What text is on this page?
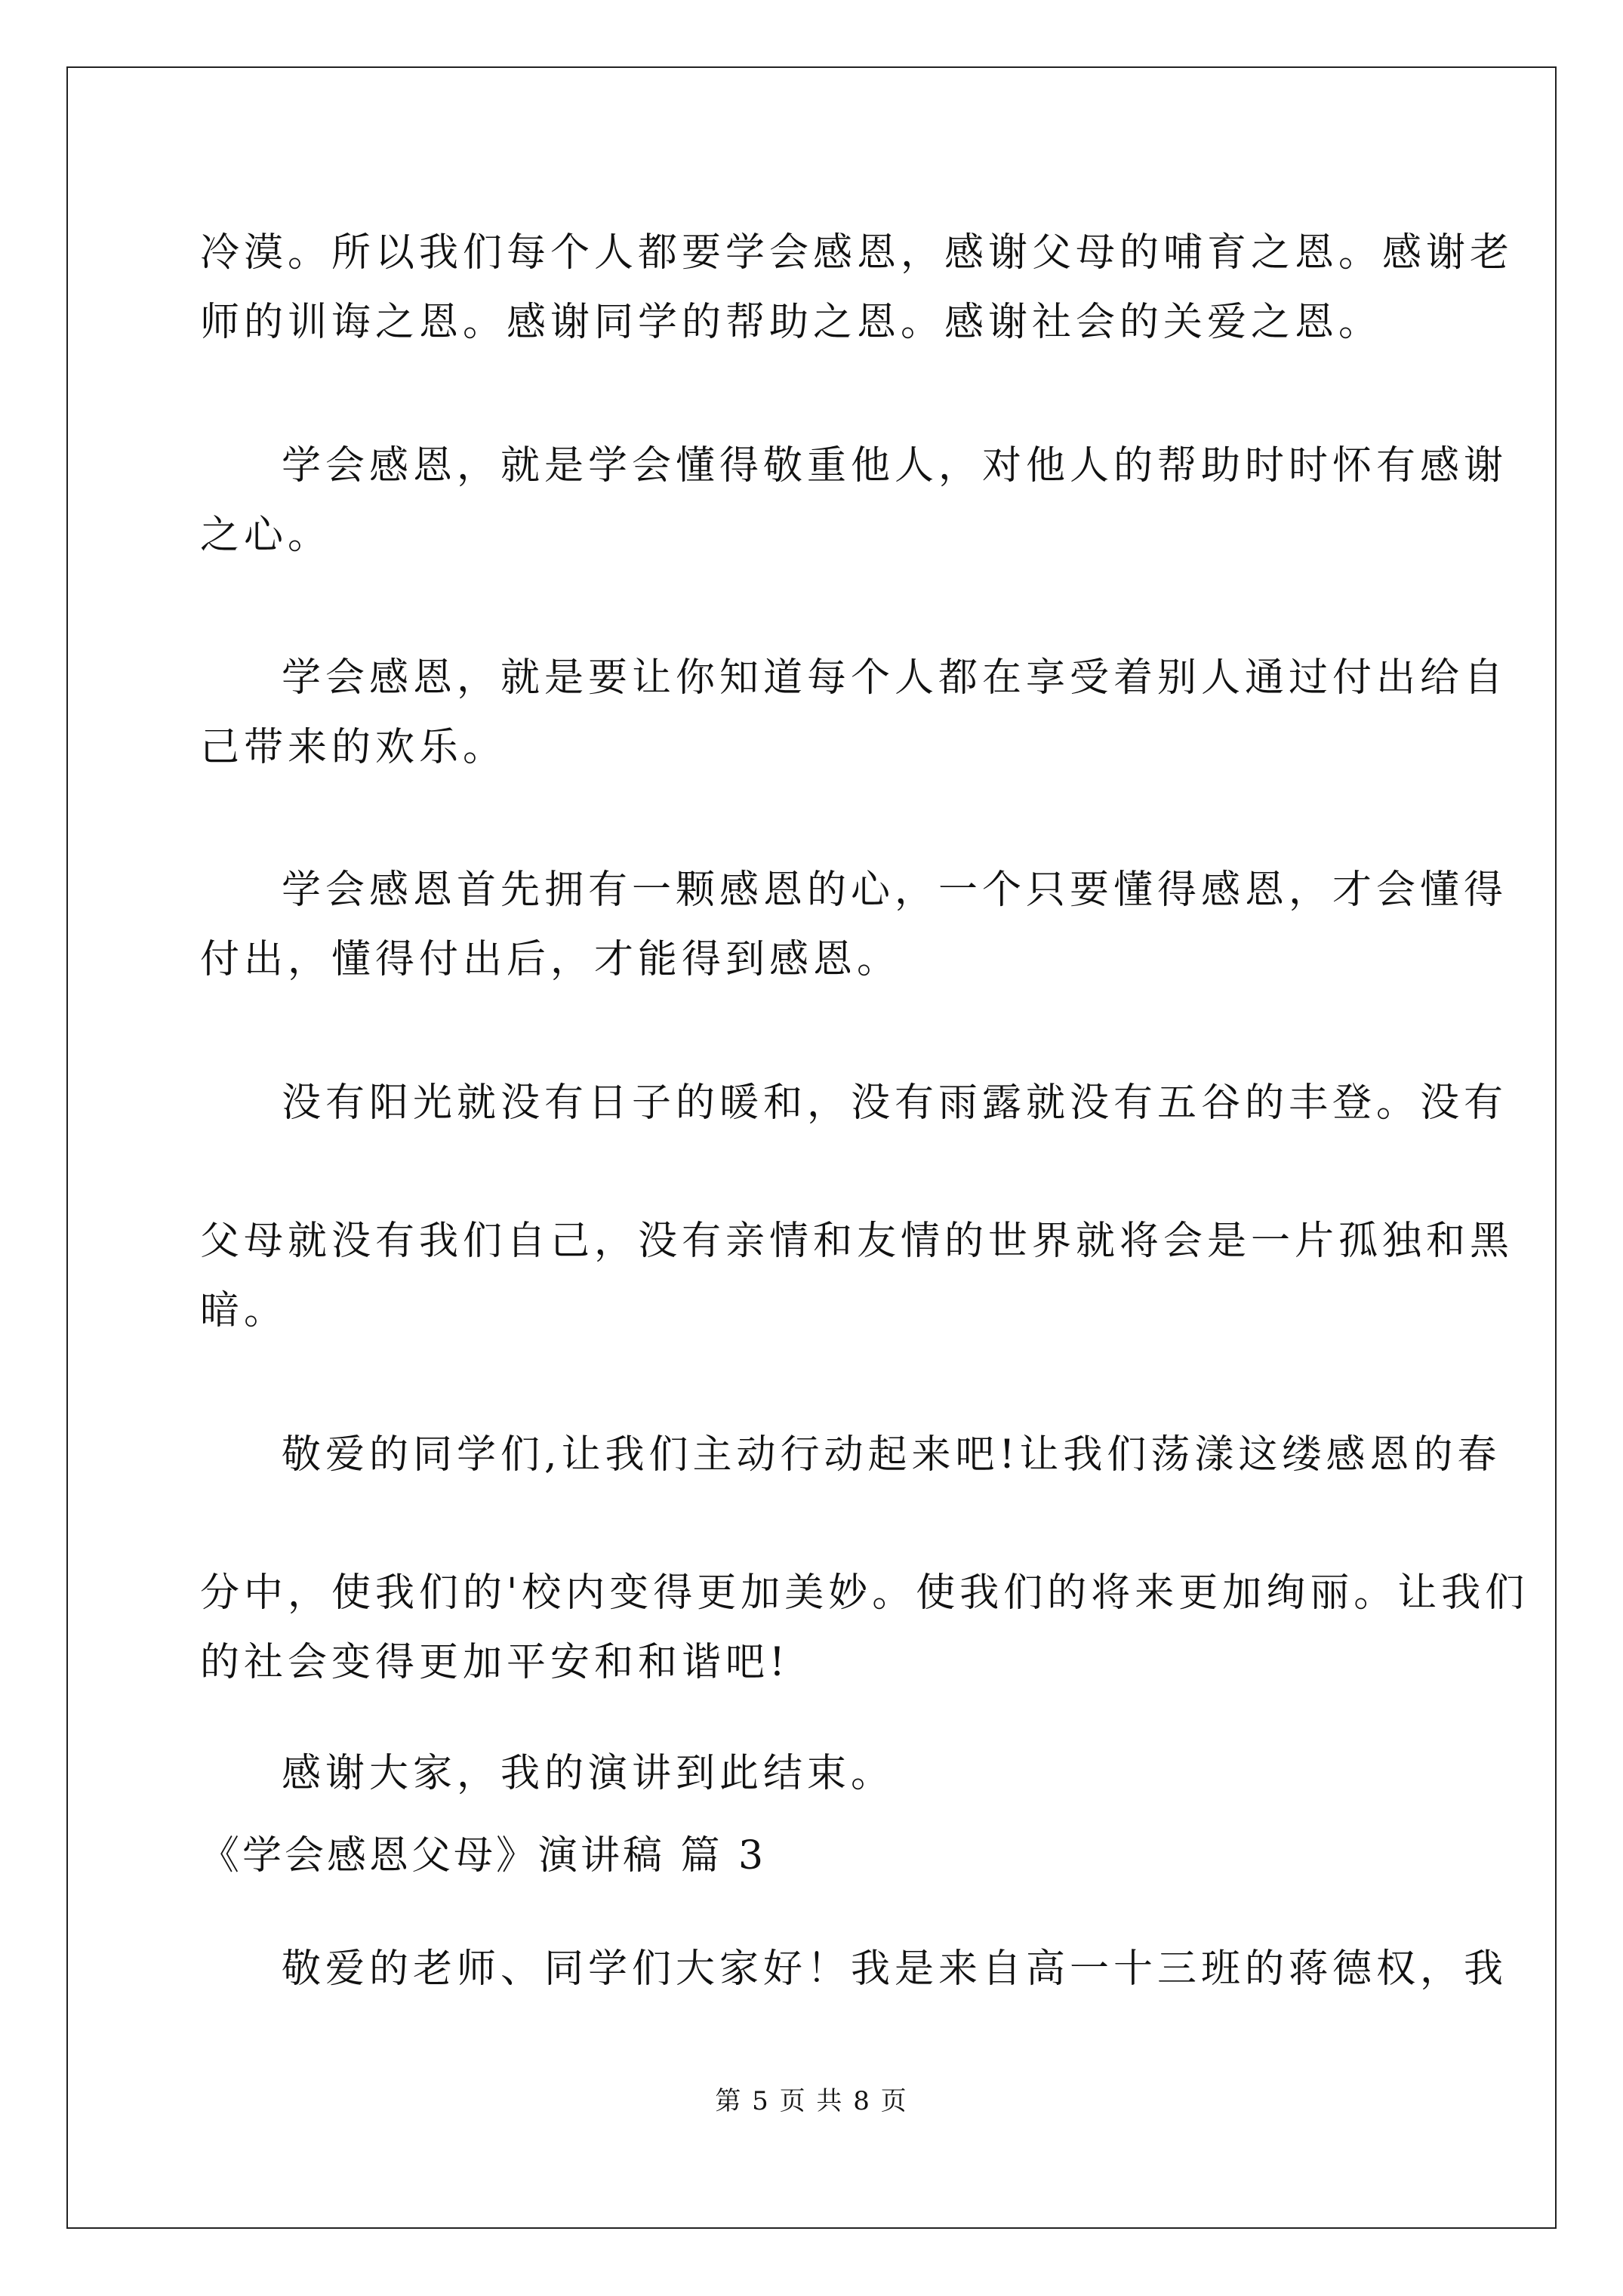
冷漠。所以我们每个人都要学会感恩，感谢父母的哺育之恩。感谢老
师的训诲之恩。感谢同学的帮助之恩。感谢社会的关爱之恩。
学会感恩，就是学会懂得敬重他人，对他人的帮助时时怀有感谢
之心。
学会感恩，就是要让你知道每个人都在享受着别人通过付出给自
己带来的欢乐。
学会感恩首先拥有一颗感恩的心，一个只要懂得感恩，才会懂得
付出，懂得付出后，才能得到感恩。
没有阳光就没有日子的暖和，没有雨露就没有五谷的丰登。没有
父母就没有我们自己，没有亲情和友情的世界就将会是一片孤独和黑
暗。
敬爱的同学们,让我们主动行动起来吧!让我们荡漾这缕感恩的春
分中，使我们的'校内变得更加美妙。使我们的将来更加绚丽。让我们
的社会变得更加平安和和谐吧!
感谢大家，我的演讲到此结束。
《学会感恩父母》演讲稿 篇 3
敬爱的老师、同学们大家好！我是来自高一十三班的蒋德权，我
第 5 页 共 8 页
